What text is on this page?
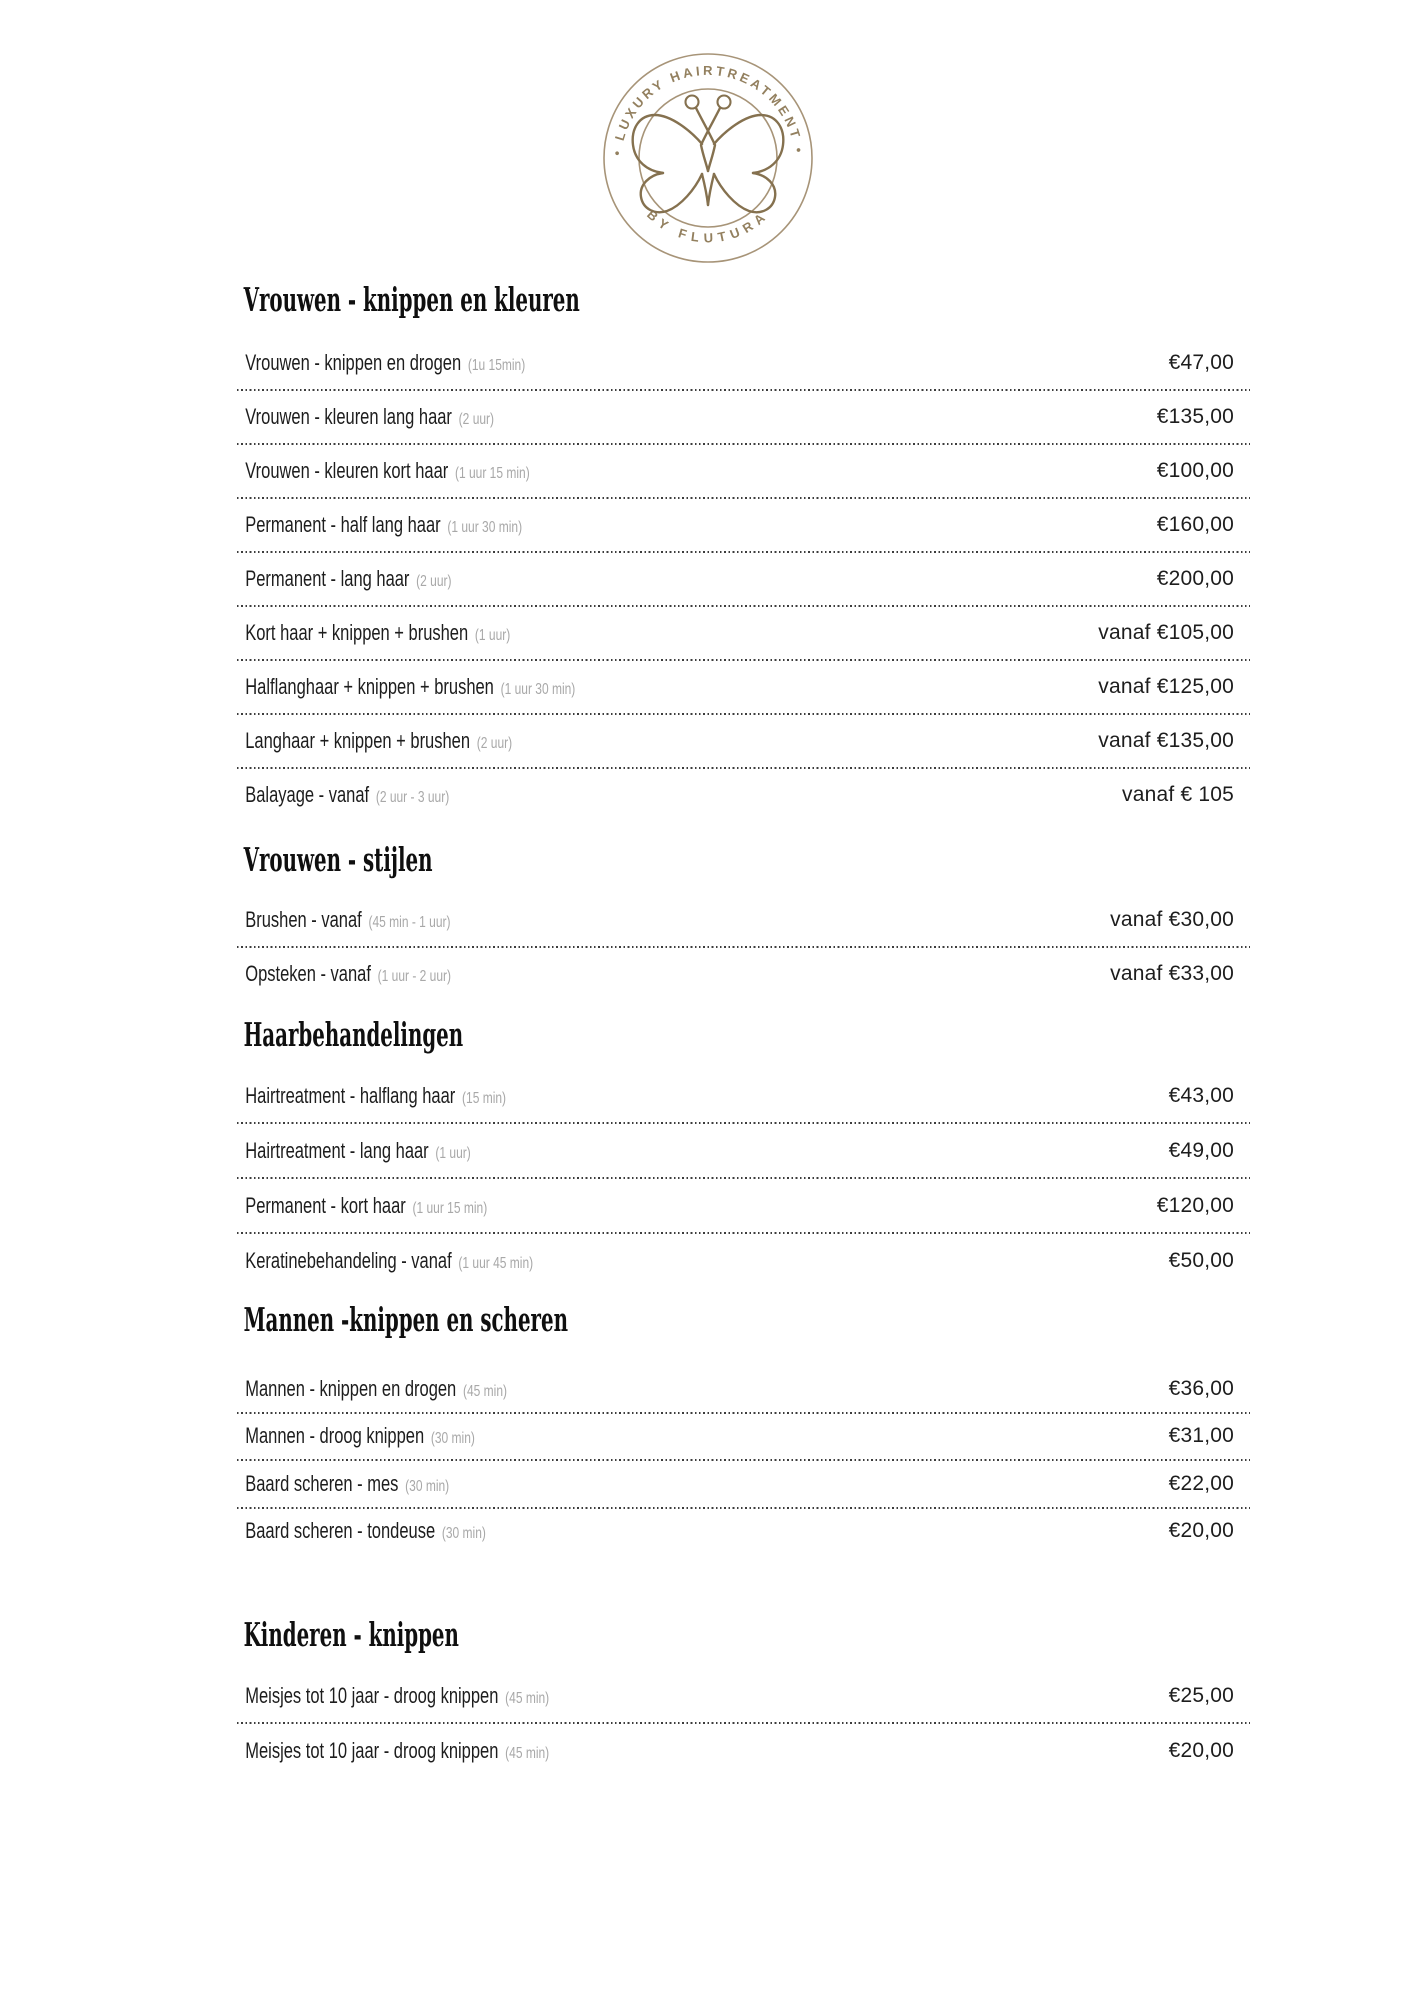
• LUXURY HAIRTREATMENT •
BY FLUTURA
Vrouwen - knippen en kleuren
Vrouwen - knippen en drogen (1u 15min)	€47,00
Vrouwen - kleuren lang haar (2 uur)	€135,00
Vrouwen - kleuren kort haar (1 uur 15 min)	€100,00
Permanent - half lang haar (1 uur 30 min)	€160,00
Permanent - lang haar (2 uur)	€200,00
Kort haar + knippen + brushen (1 uur)	vanaf €105,00
Halflanghaar + knippen + brushen (1 uur 30 min)	vanaf €125,00
Langhaar + knippen + brushen (2 uur)	vanaf €135,00
Balayage - vanaf (2 uur - 3 uur)	vanaf € 105
Vrouwen - stijlen
Brushen - vanaf (45 min - 1 uur)	vanaf €30,00
Opsteken - vanaf (1 uur - 2 uur)	vanaf €33,00
Haarbehandelingen
Hairtreatment - halflang haar (15 min)	€43,00
Hairtreatment - lang haar (1 uur)	€49,00
Permanent - kort haar (1 uur 15 min)	€120,00
Keratinebehandeling - vanaf (1 uur 45 min)	€50,00
Mannen -knippen en scheren
Mannen - knippen en drogen (45 min)	€36,00
Mannen - droog knippen (30 min)	€31,00
Baard scheren - mes (30 min)	€22,00
Baard scheren - tondeuse (30 min)	€20,00
Kinderen - knippen
Meisjes tot 10 jaar - droog knippen (45 min)	€25,00
Meisjes tot 10 jaar - droog knippen (45 min)	€20,00
